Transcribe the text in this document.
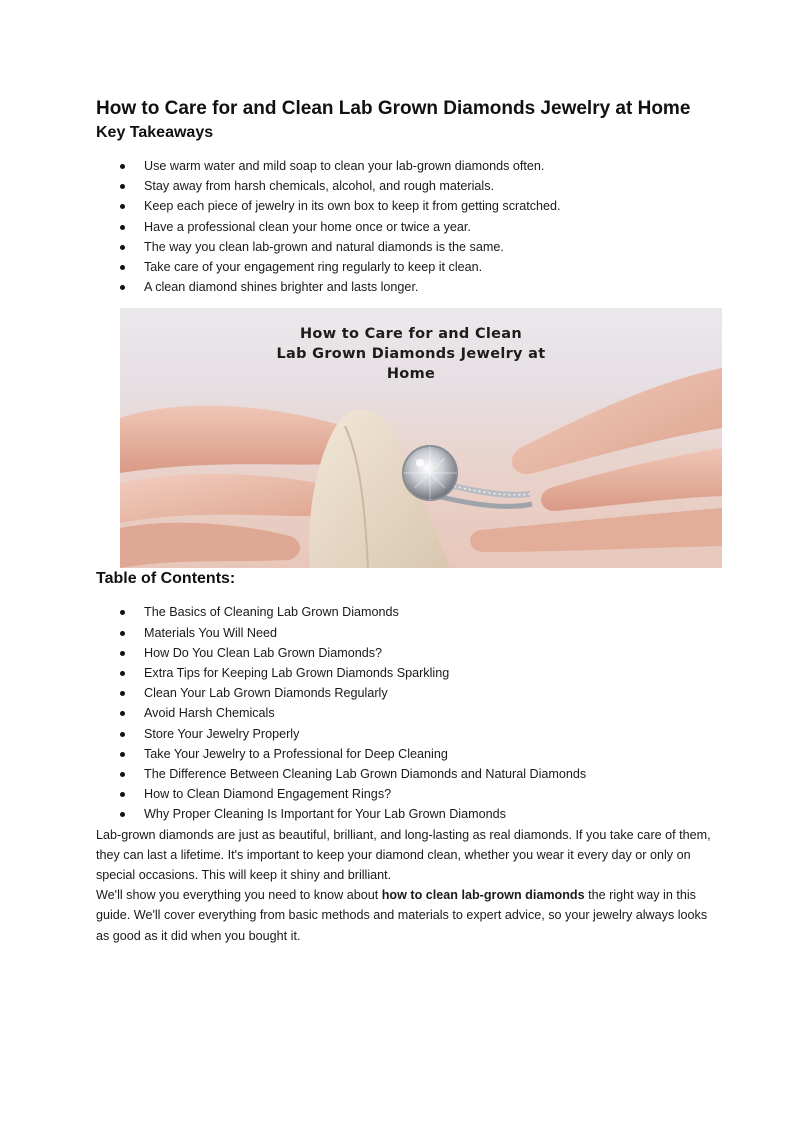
How to Care for and Clean Lab Grown Diamonds Jewelry at Home
Key Takeaways
Use warm water and mild soap to clean your lab-grown diamonds often.
Stay away from harsh chemicals, alcohol, and rough materials.
Keep each piece of jewelry in its own box to keep it from getting scratched.
Have a professional clean your home once or twice a year.
The way you clean lab-grown and natural diamonds is the same.
Take care of your engagement ring regularly to keep it clean.
A clean diamond shines brighter and lasts longer.
How to Care for and Clean
Lab Grown Diamonds Jewelry at
Home
Table of Contents:
The Basics of Cleaning Lab Grown Diamonds
Materials You Will Need
How Do You Clean Lab Grown Diamonds?
Extra Tips for Keeping Lab Grown Diamonds Sparkling
Clean Your Lab Grown Diamonds Regularly
Avoid Harsh Chemicals
Store Your Jewelry Properly
Take Your Jewelry to a Professional for Deep Cleaning
The Difference Between Cleaning Lab Grown Diamonds and Natural Diamonds
How to Clean Diamond Engagement Rings?
Why Proper Cleaning Is Important for Your Lab Grown Diamonds

Lab-grown diamonds are just as beautiful, brilliant, and long-lasting as real diamonds. If you take care of them, they can last a lifetime. It's important to keep your diamond clean, whether you wear it every day or only on special occasions. This will keep it shiny and brilliant.

We'll show you everything you need to know about how to clean lab-grown diamonds the right way in this guide. We'll cover everything from basic methods and materials to expert advice, so your jewelry always looks as good as it did when you bought it.
